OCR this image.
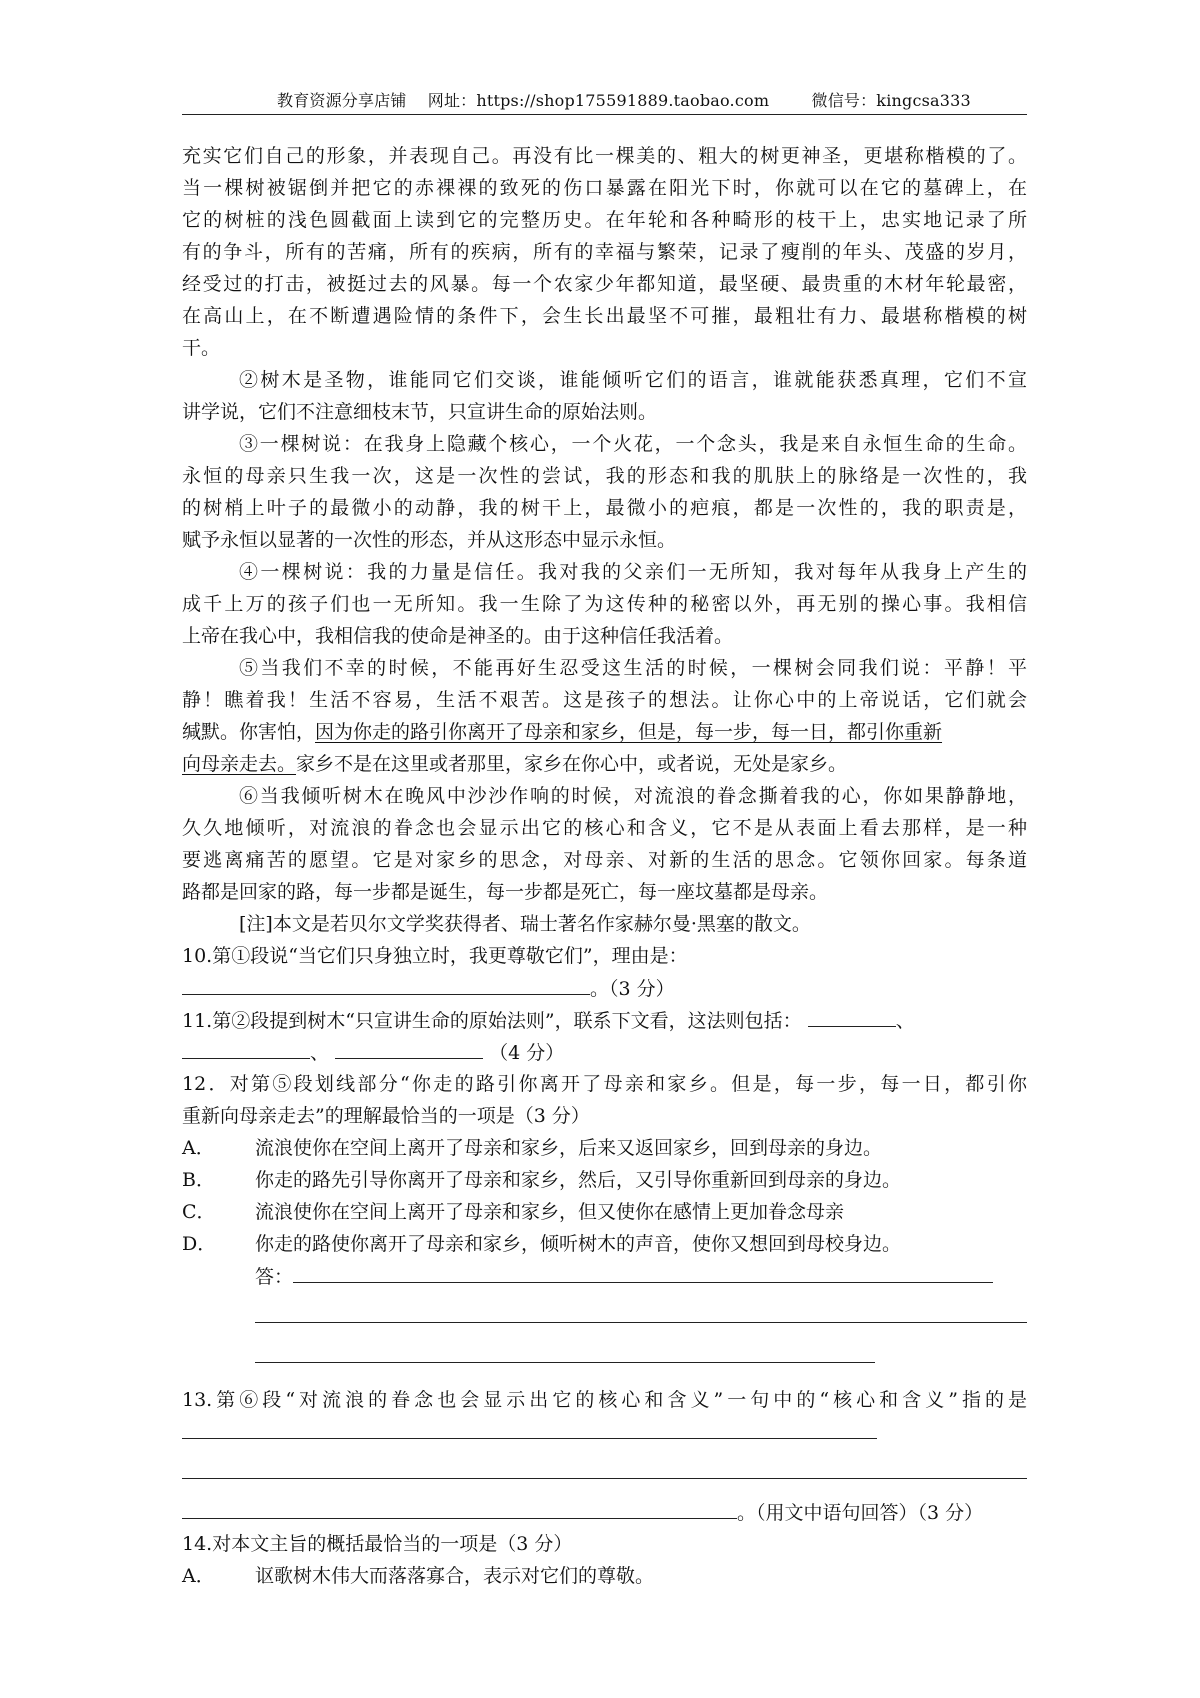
教育资源分享店铺    网址：https://shop175591889.taobao.com        微信号：kingcsa333
充实它们自己的形象，并表现自己。再没有比一棵美的、粗大的树更神圣，更堪称楷模的了。
当一棵树被锯倒并把它的赤裸裸的致死的伤口暴露在阳光下时，你就可以在它的墓碑上，在
它的树桩的浅色圆截面上读到它的完整历史。在年轮和各种畸形的枝干上，忠实地记录了所
有的争斗，所有的苦痛，所有的疾病，所有的幸福与繁荣，记录了瘦削的年头、茂盛的岁月，
经受过的打击，被挺过去的风暴。每一个农家少年都知道，最坚硬、最贵重的木材年轮最密，
在高山上，在不断遭遇险情的条件下，会生长出最坚不可摧，最粗壮有力、最堪称楷模的树
干。
②树木是圣物，谁能同它们交谈，谁能倾听它们的语言，谁就能获悉真理，它们不宣
讲学说，它们不注意细枝末节，只宣讲生命的原始法则。
③一棵树说：在我身上隐藏个核心，一个火花，一个念头，我是来自永恒生命的生命。
永恒的母亲只生我一次，这是一次性的尝试，我的形态和我的肌肤上的脉络是一次性的，我
的树梢上叶子的最微小的动静，我的树干上，最微小的疤痕，都是一次性的，我的职责是，
赋予永恒以显著的一次性的形态，并从这形态中显示永恒。
④一棵树说：我的力量是信任。我对我的父亲们一无所知，我对每年从我身上产生的
成千上万的孩子们也一无所知。我一生除了为这传种的秘密以外，再无别的操心事。我相信
上帝在我心中，我相信我的使命是神圣的。由于这种信任我活着。
⑤当我们不幸的时候，不能再好生忍受这生活的时候，一棵树会同我们说：平静！平
静！瞧着我！生活不容易，生活不艰苦。这是孩子的想法。让你心中的上帝说话，它们就会
缄默。你害怕，因为你走的路引你离开了母亲和家乡，但是，每一步，每一日，都引你重新
向母亲走去。家乡不是在这里或者那里，家乡在你心中，或者说，无处是家乡。
⑥当我倾听树木在晚风中沙沙作响的时候，对流浪的眷念撕着我的心，你如果静静地，
久久地倾听，对流浪的眷念也会显示出它的核心和含义，它不是从表面上看去那样，是一种
要逃离痛苦的愿望。它是对家乡的思念，对母亲、对新的生活的思念。它领你回家。每条道
路都是回家的路，每一步都是诞生，每一步都是死亡，每一座坟墓都是母亲。
[注]本文是若贝尔文学奖获得者、瑞士著名作家赫尔曼·黑塞的散文。
10.第①段说“当它们只身独立时，我更尊敬它们”，理由是：
。（3 分）
11.第②段提到树木“只宣讲生命的原始法则”，联系下文看，这法则包括：	、
、	（4 分）
12．对第⑤段划线部分“你走的路引你离开了母亲和家乡。但是，每一步，每一日，都引你
重新向母亲走去”的理解最恰当的一项是（3 分）
A．	流浪使你在空间上离开了母亲和家乡，后来又返回家乡，回到母亲的身边。
B．	你走的路先引导你离开了母亲和家乡，然后，又引导你重新回到母亲的身边。
C．	流浪使你在空间上离开了母亲和家乡，但又使你在感情上更加眷念母亲
D．	你走的路使你离开了母亲和家乡，倾听树木的声音，使你又想回到母校身边。
答：
13.第⑥段“对流浪的眷念也会显示出它的核心和含义”一句中的“核心和含义”指的是
。（用文中语句回答）（3 分）
14.对本文主旨的概括最恰当的一项是（3 分）
A．	讴歌树木伟大而落落寡合，表示对它们的尊敬。
